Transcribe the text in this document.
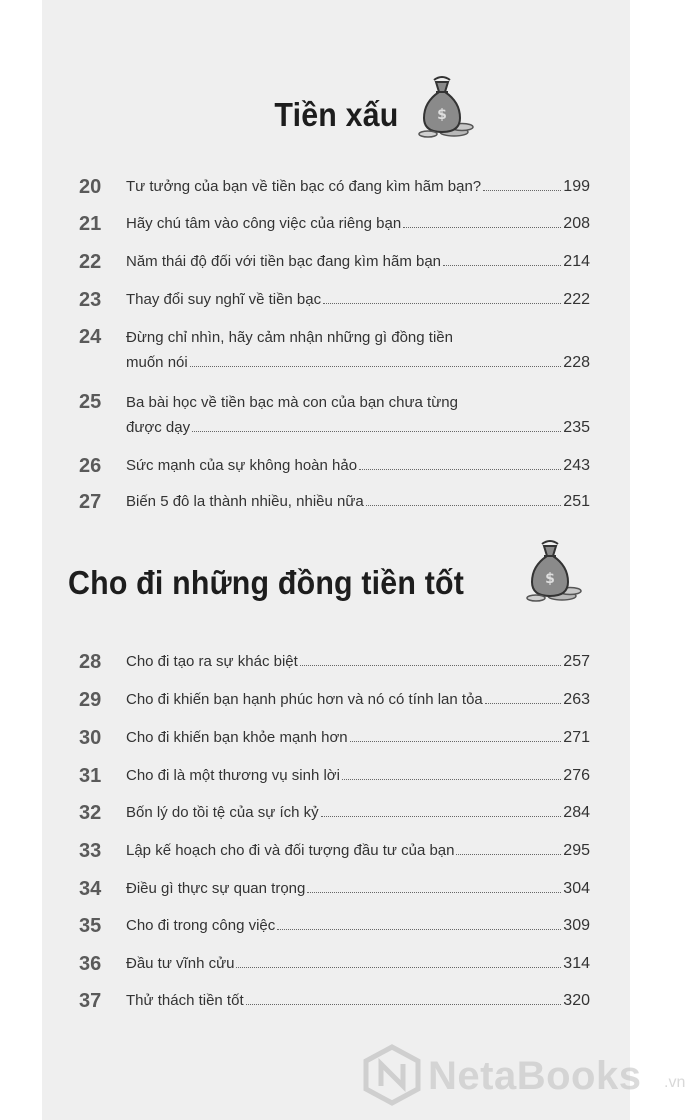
Tiền xấu	$
20	Tư tưởng của bạn về tiền bạc có đang kìm hãm bạn?	199
21	Hãy chú tâm vào công việc của riêng bạn	208
22	Năm thái độ đối với tiền bạc đang kìm hãm bạn	214
23	Thay đổi suy nghĩ về tiền bạc	222
24	Đừng chỉ nhìn, hãy cảm nhận những gì đồng tiền
muốn nói	228
25	Ba bài học về tiền bạc mà con của bạn chưa từng
được dạy	235
26	Sức mạnh của sự không hoàn hảo	243
27	Biến 5 đô la thành nhiều, nhiều nữa	251
Cho đi những đồng tiền tốt	$
28	Cho đi tạo ra sự khác biệt	257
29	Cho đi khiến bạn hạnh phúc hơn và nó có tính lan tỏa	263
30	Cho đi khiến bạn khỏe mạnh hơn	271
31	Cho đi là một thương vụ sinh lời	276
32	Bốn lý do tồi tệ của sự ích kỷ	284
33	Lập kế hoạch cho đi và đối tượng đầu tư của bạn	295
34	Điều gì thực sự quan trọng	304
35	Cho đi trong công việc	309
36	Đầu tư vĩnh cửu	314
37	Thử thách tiền tốt	320
NetaBooks .vn
